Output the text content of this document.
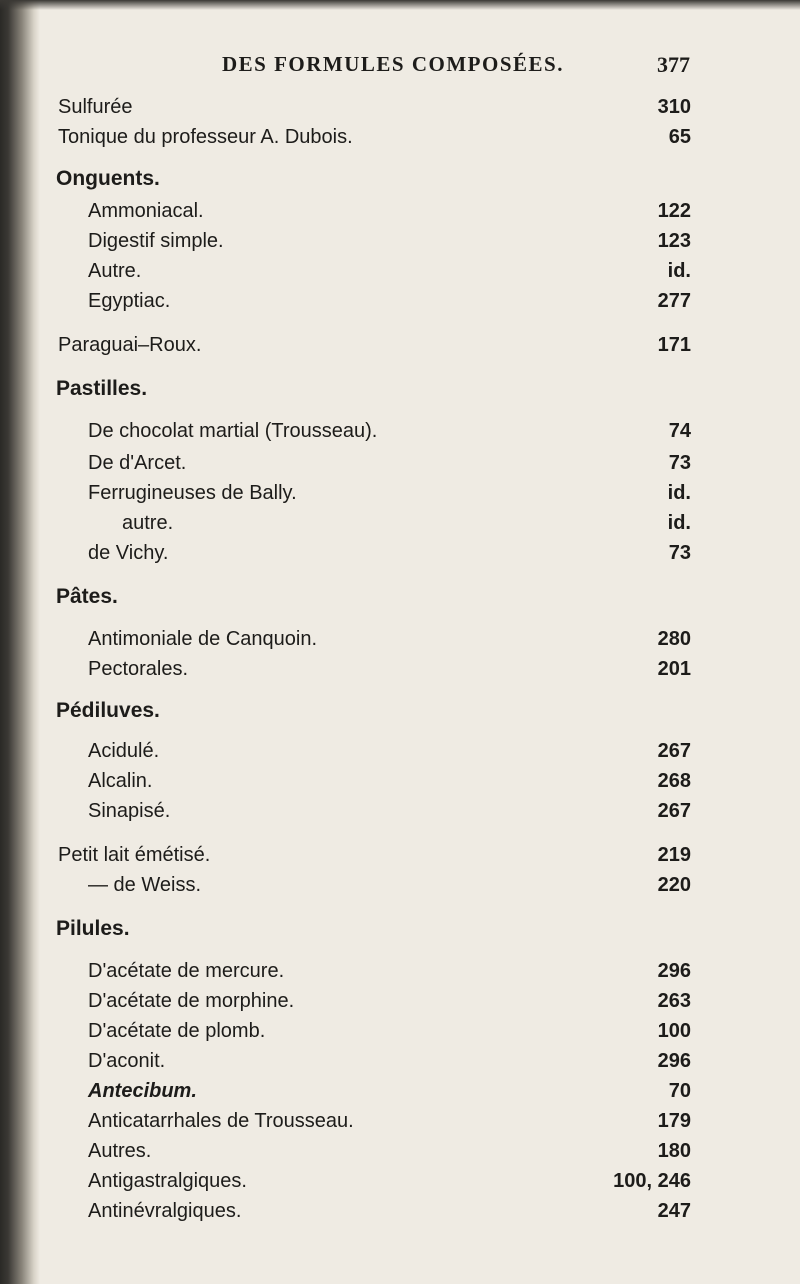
DES FORMULES COMPOSÉES.	377
Sulfurée	310
Tonique du professeur A. Dubois.	65
Onguents.
Ammoniacal.	122
Digestif simple.	123
Autre.	id.
Egyptiac.	277
Paraguai–Roux.	171
Pastilles.
De chocolat martial (Trousseau).	74
De d'Arcet.	73
Ferrugineuses de Bally.	id.
autre.	id.
de Vichy.	73
Pâtes.
Antimoniale de Canquoin.	280
Pectorales.	201
Pédiluves.
Acidulé.	267
Alcalin.	268
Sinapisé.	267
Petit lait émétisé.	219
— de Weiss.	220
Pilules.
D'acétate de mercure.	296
D'acétate de morphine.	263
D'acétate de plomb.	100
D'aconit.	296
Antecibum.	70
Anticatarrhales de Trousseau.	179
Autres.	180
Antigastralgiques.	100, 246
Antinévralgiques.	247
